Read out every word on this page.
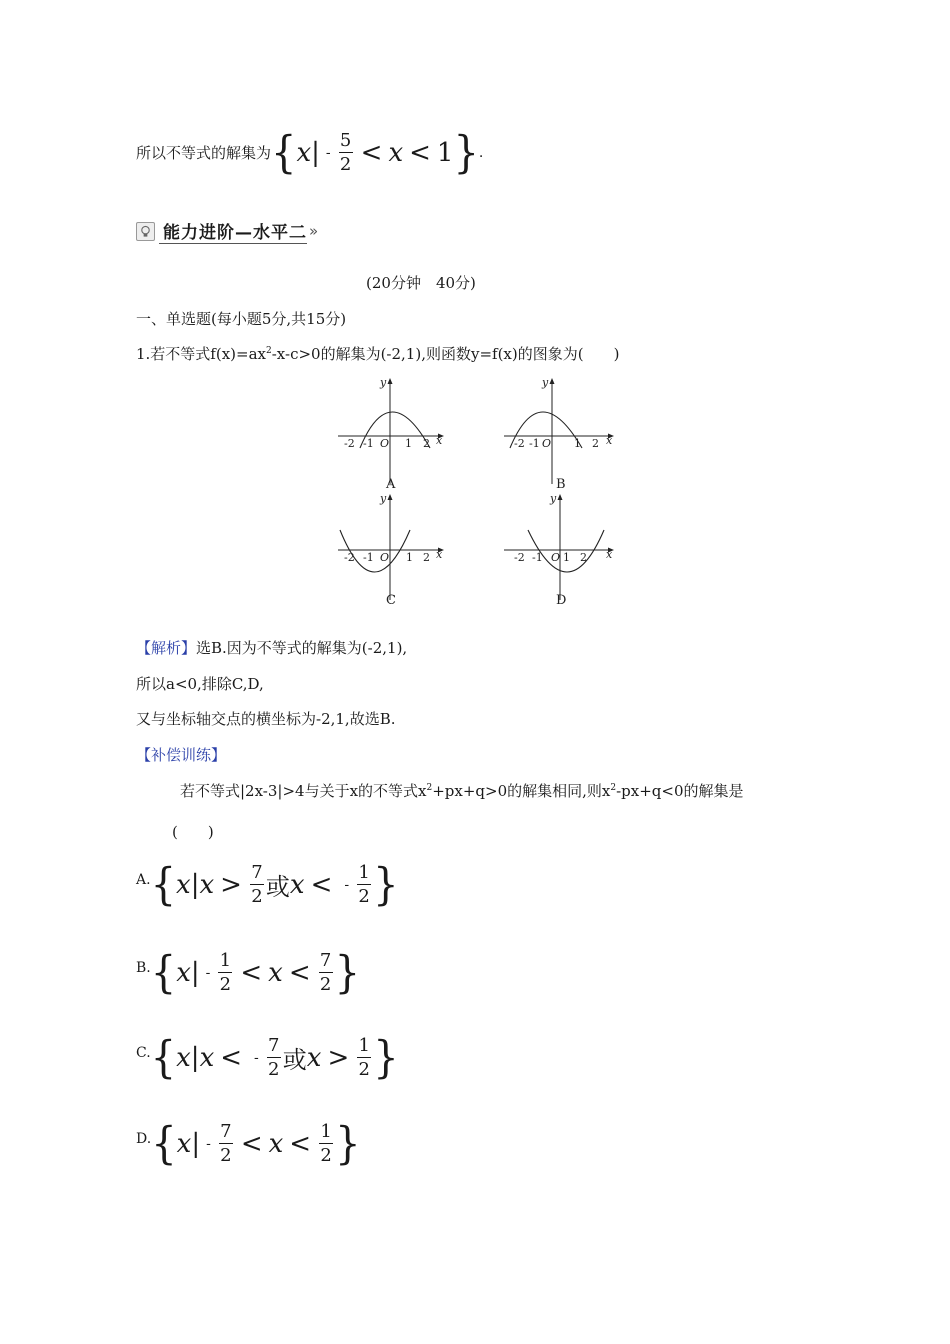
所以不等式的解集为 { x | - $\frac{5}{2} < x < 1$ } .
能力进阶—水平二 »
(20分钟　40分)
一、单选题(每小题5分,共15分)
1.若不等式$f(x)=ax^2-x-c>0$的解集为(-2,1),则函数y=f(x)的图象为(　　)
y
x
O
-2 -1	1 2
A
y
x
O
-2 -1	1 2
B
y
x
O
-2 -1	1 2
C
y
x
O
-2 -1 1 2
D
【解析】选B.因为不等式的解集为(-2,1),
所以a<0,排除C,D,
又与坐标轴交点的横坐标为-2,1,故选B.
【补偿训练】
若不等式|2x-3|>4与关于x的不等式$x^2+px+q>0$的解集相同,则$x^2-px+q<0$的解集是
(　　)
A. { x | $x > \frac{7}{2}$ 或 x < - $\frac{1}{2}$ }
B. { x | - $\frac{1}{2} < x < \frac{7}{2}$ }
C. { x | x < - $\frac{7}{2}$ 或 $x > \frac{1}{2}$ }
D. { x | - $\frac{7}{2} < x < \frac{1}{2}$ }
